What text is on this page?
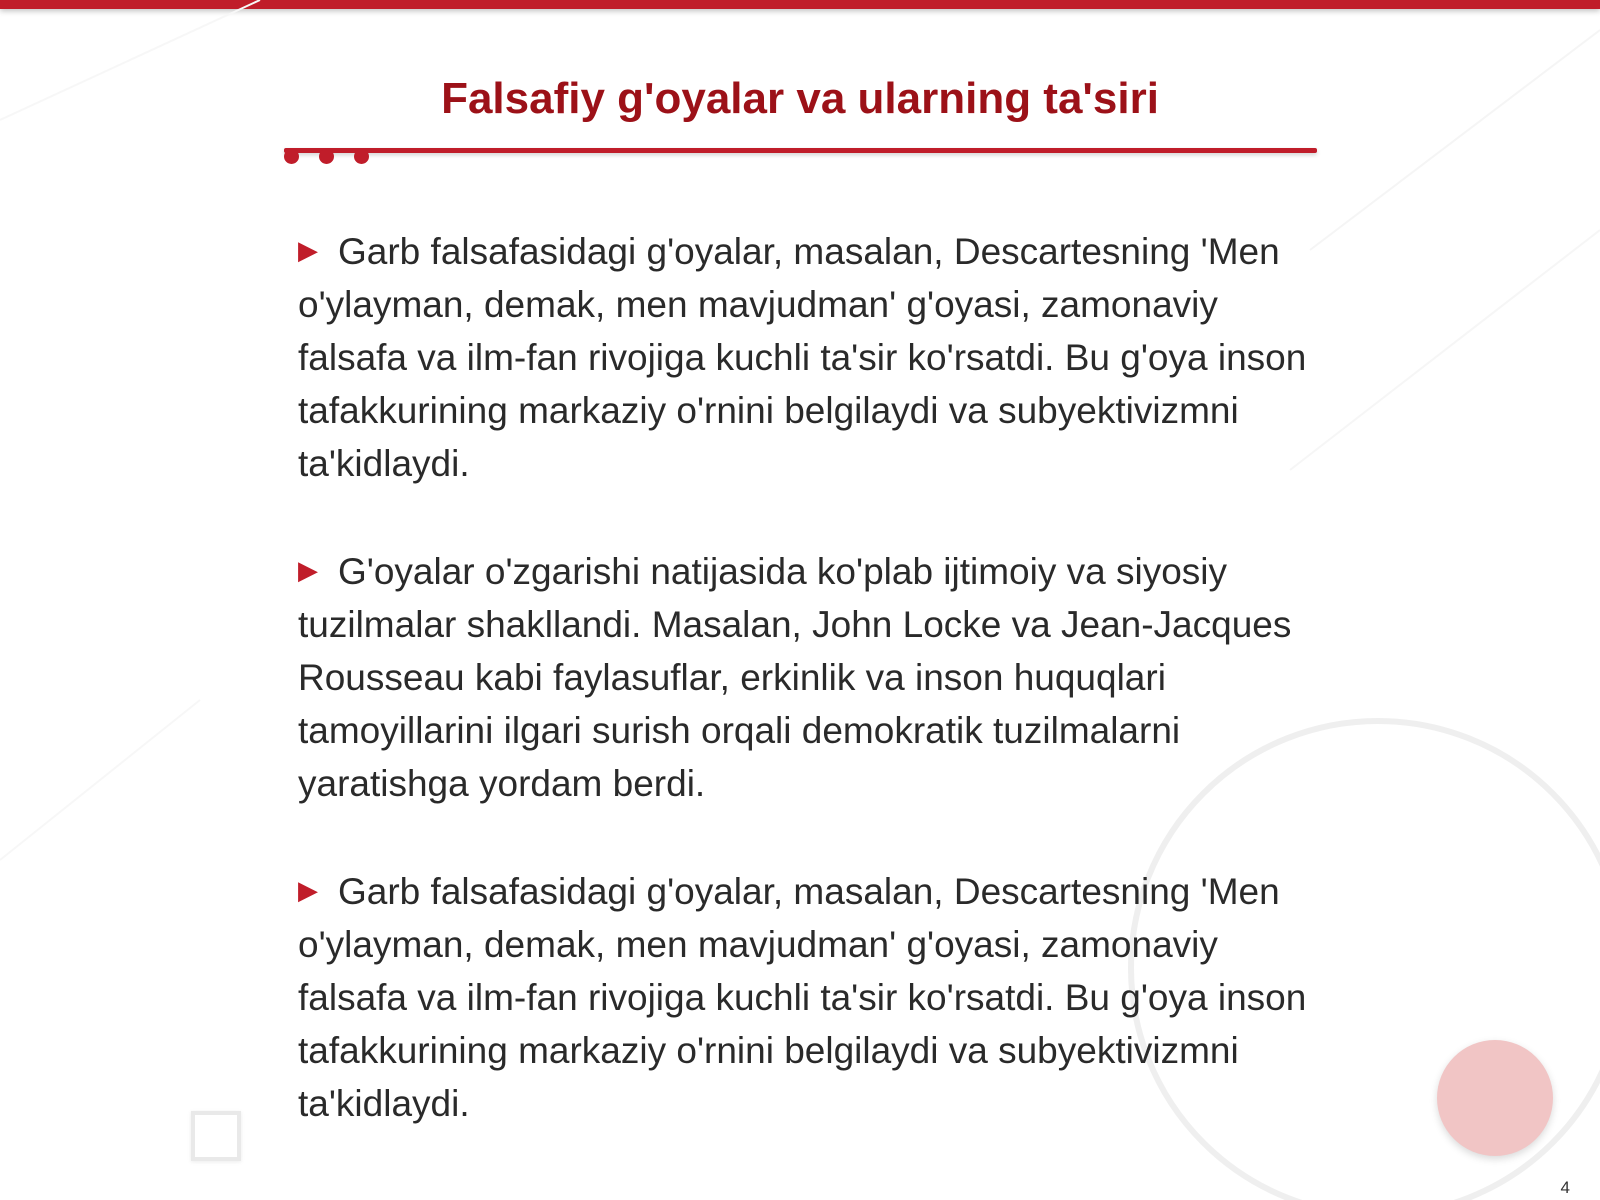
Falsafiy g'oyalar va ularning ta'siri

▶ Garb falsafasidagi g'oyalar, masalan, Descartesning 'Men o'ylayman, demak, men mavjudman' g'oyasi, zamonaviy falsafa va ilm-fan rivojiga kuchli ta'sir ko'rsatdi. Bu g'oya inson tafakkurining markaziy o'rnini belgilaydi va subyektivizmni ta'kidlaydi.

▶ G'oyalar o'zgarishi natijasida ko'plab ijtimoiy va siyosiy tuzilmalar shakllandi. Masalan, John Locke va Jean-Jacques Rousseau kabi faylasuflar, erkinlik va inson huquqlari tamoyillarini ilgari surish orqali demokratik tuzilmalarni yaratishga yordam berdi.

▶ Garb falsafasidagi g'oyalar, masalan, Descartesning 'Men o'ylayman, demak, men mavjudman' g'oyasi, zamonaviy falsafa va ilm-fan rivojiga kuchli ta'sir ko'rsatdi. Bu g'oya inson tafakkurining markaziy o'rnini belgilaydi va subyektivizmni ta'kidlaydi.

4
